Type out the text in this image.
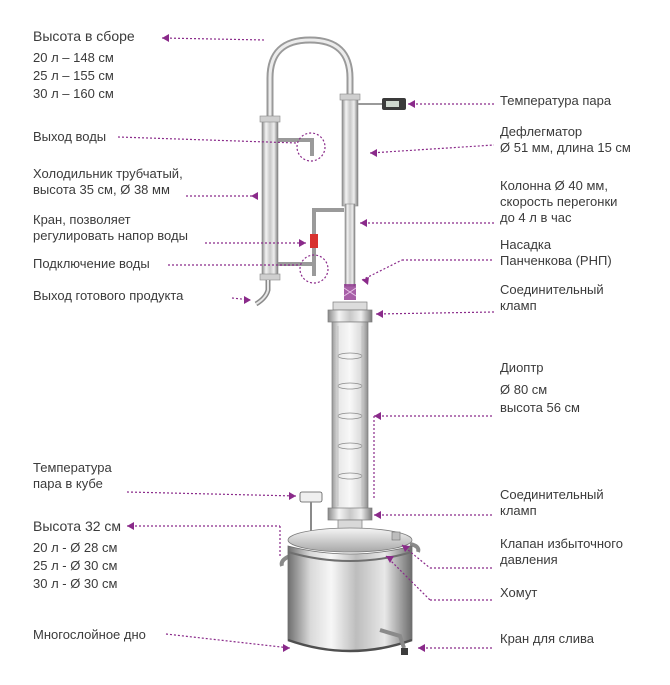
Высота в сборе
20 л – 148 см
25 л – 155 см
30 л – 160 см
Выход воды
Холодильник трубчатый,
высота 35 см, Ø 38 мм
Кран, позволяет
регулировать напор воды
Подключение воды
Выход готового продукта
Температура
пара в кубе
Высота 32 см
20 л - Ø 28 см
25 л - Ø 30 см
30 л - Ø 30 см
Многослойное дно
Температура пара
Дефлегматор
Ø 51 мм, длина 15 см
Колонна Ø 40 мм,
скорость перегонки
до 4 л в час
Насадка
Панченкова (РНП)
Соединительный
кламп
Диоптр
Ø 80 см
высота 56 см
Соединительный
кламп
Клапан избыточного
давления
Хомут
Кран для слива
